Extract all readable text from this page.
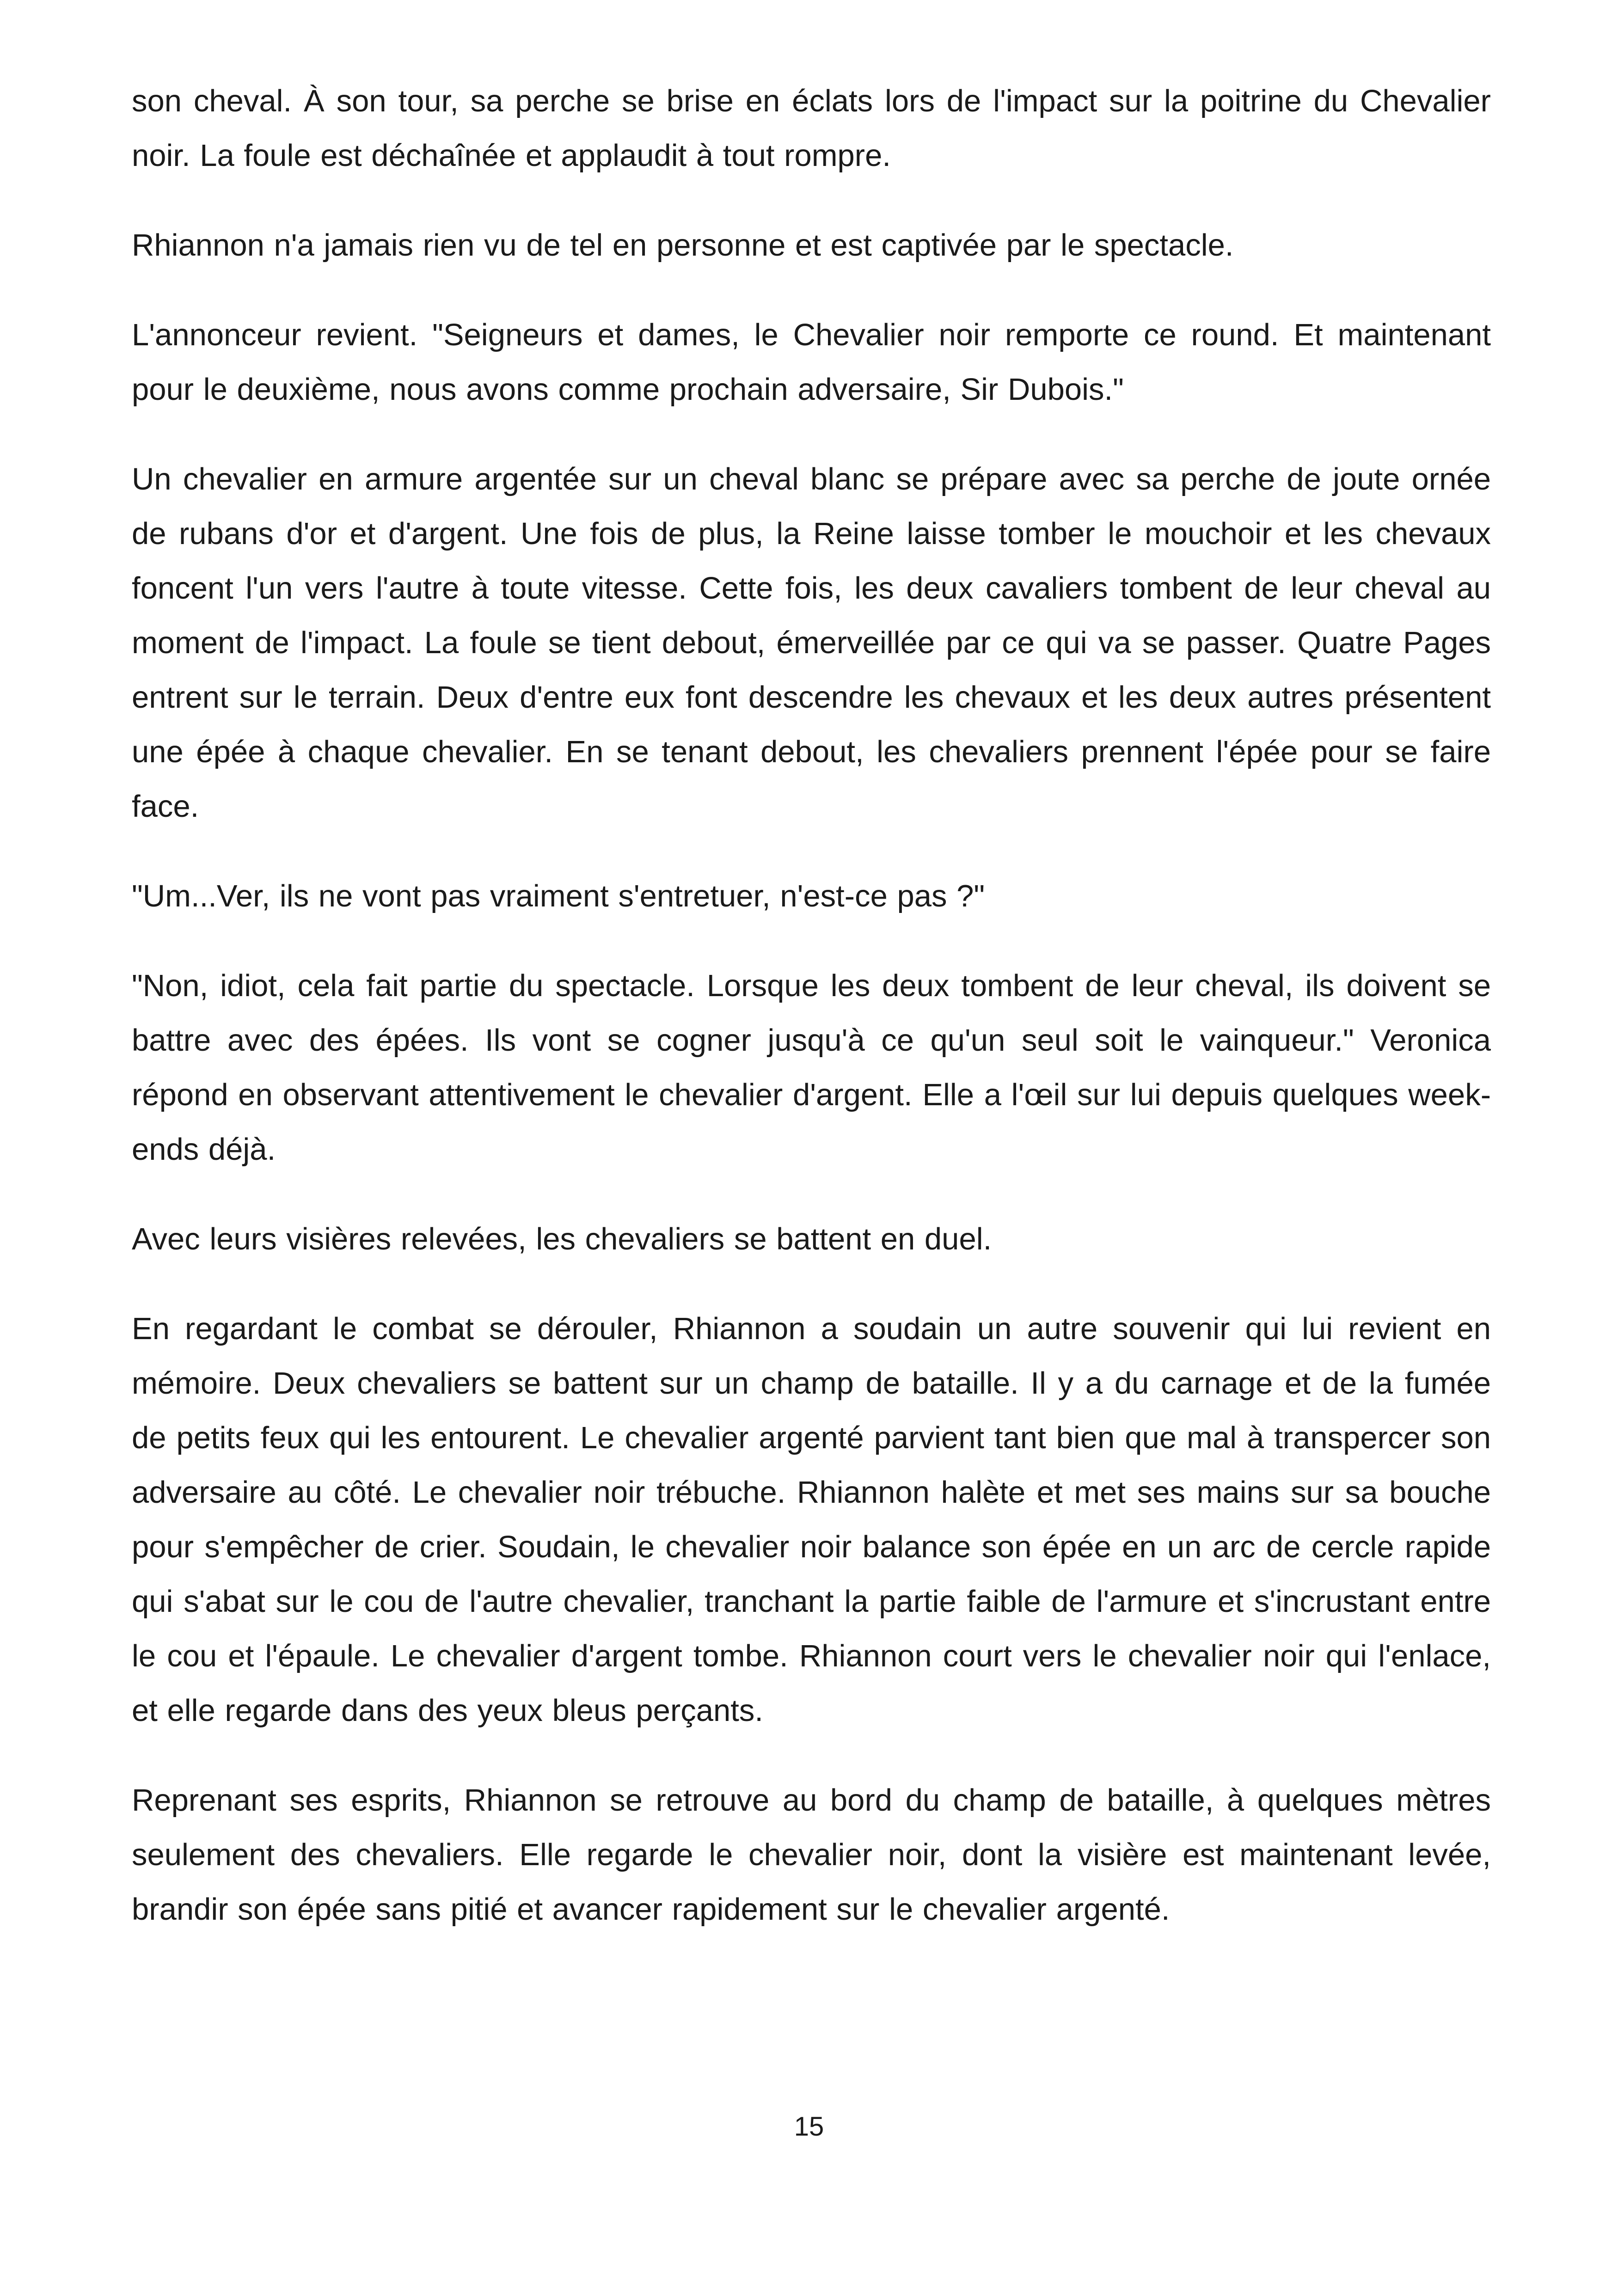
son cheval. À son tour, sa perche se brise en éclats lors de l'impact sur la poitrine du Chevalier noir. La foule est déchaînée et applaudit à tout rompre.

Rhiannon n'a jamais rien vu de tel en personne et est captivée par le spectacle.

L'annonceur revient. "Seigneurs et dames, le Chevalier noir remporte ce round. Et maintenant pour le deuxième, nous avons comme prochain adversaire, Sir Dubois."

Un chevalier en armure argentée sur un cheval blanc se prépare avec sa perche de joute ornée de rubans d'or et d'argent. Une fois de plus, la Reine laisse tomber le mouchoir et les chevaux foncent l'un vers l'autre à toute vitesse. Cette fois, les deux cavaliers tombent de leur cheval au moment de l'impact. La foule se tient debout, émerveillée par ce qui va se passer. Quatre Pages entrent sur le terrain. Deux d'entre eux font descendre les chevaux et les deux autres présentent une épée à chaque chevalier. En se tenant debout, les chevaliers prennent l'épée pour se faire face.

"Um...Ver, ils ne vont pas vraiment s'entretuer, n'est-ce pas ?"

"Non, idiot, cela fait partie du spectacle. Lorsque les deux tombent de leur cheval, ils doivent se battre avec des épées. Ils vont se cogner jusqu'à ce qu'un seul soit le vainqueur." Veronica répond en observant attentivement le chevalier d'argent. Elle a l'œil sur lui depuis quelques week-ends déjà.

Avec leurs visières relevées, les chevaliers se battent en duel.

En regardant le combat se dérouler, Rhiannon a soudain un autre souvenir qui lui revient en mémoire. Deux chevaliers se battent sur un champ de bataille. Il y a du carnage et de la fumée de petits feux qui les entourent. Le chevalier argenté parvient tant bien que mal à transpercer son adversaire au côté. Le chevalier noir trébuche. Rhiannon halète et met ses mains sur sa bouche pour s'empêcher de crier. Soudain, le chevalier noir balance son épée en un arc de cercle rapide qui s'abat sur le cou de l'autre chevalier, tranchant la partie faible de l'armure et s'incrustant entre le cou et l'épaule. Le chevalier d'argent tombe. Rhiannon court vers le chevalier noir qui l'enlace, et elle regarde dans des yeux bleus perçants.

Reprenant ses esprits, Rhiannon se retrouve au bord du champ de bataille, à quelques mètres seulement des chevaliers. Elle regarde le chevalier noir, dont la visière est maintenant levée, brandir son épée sans pitié et avancer rapidement sur le chevalier argenté.

15
